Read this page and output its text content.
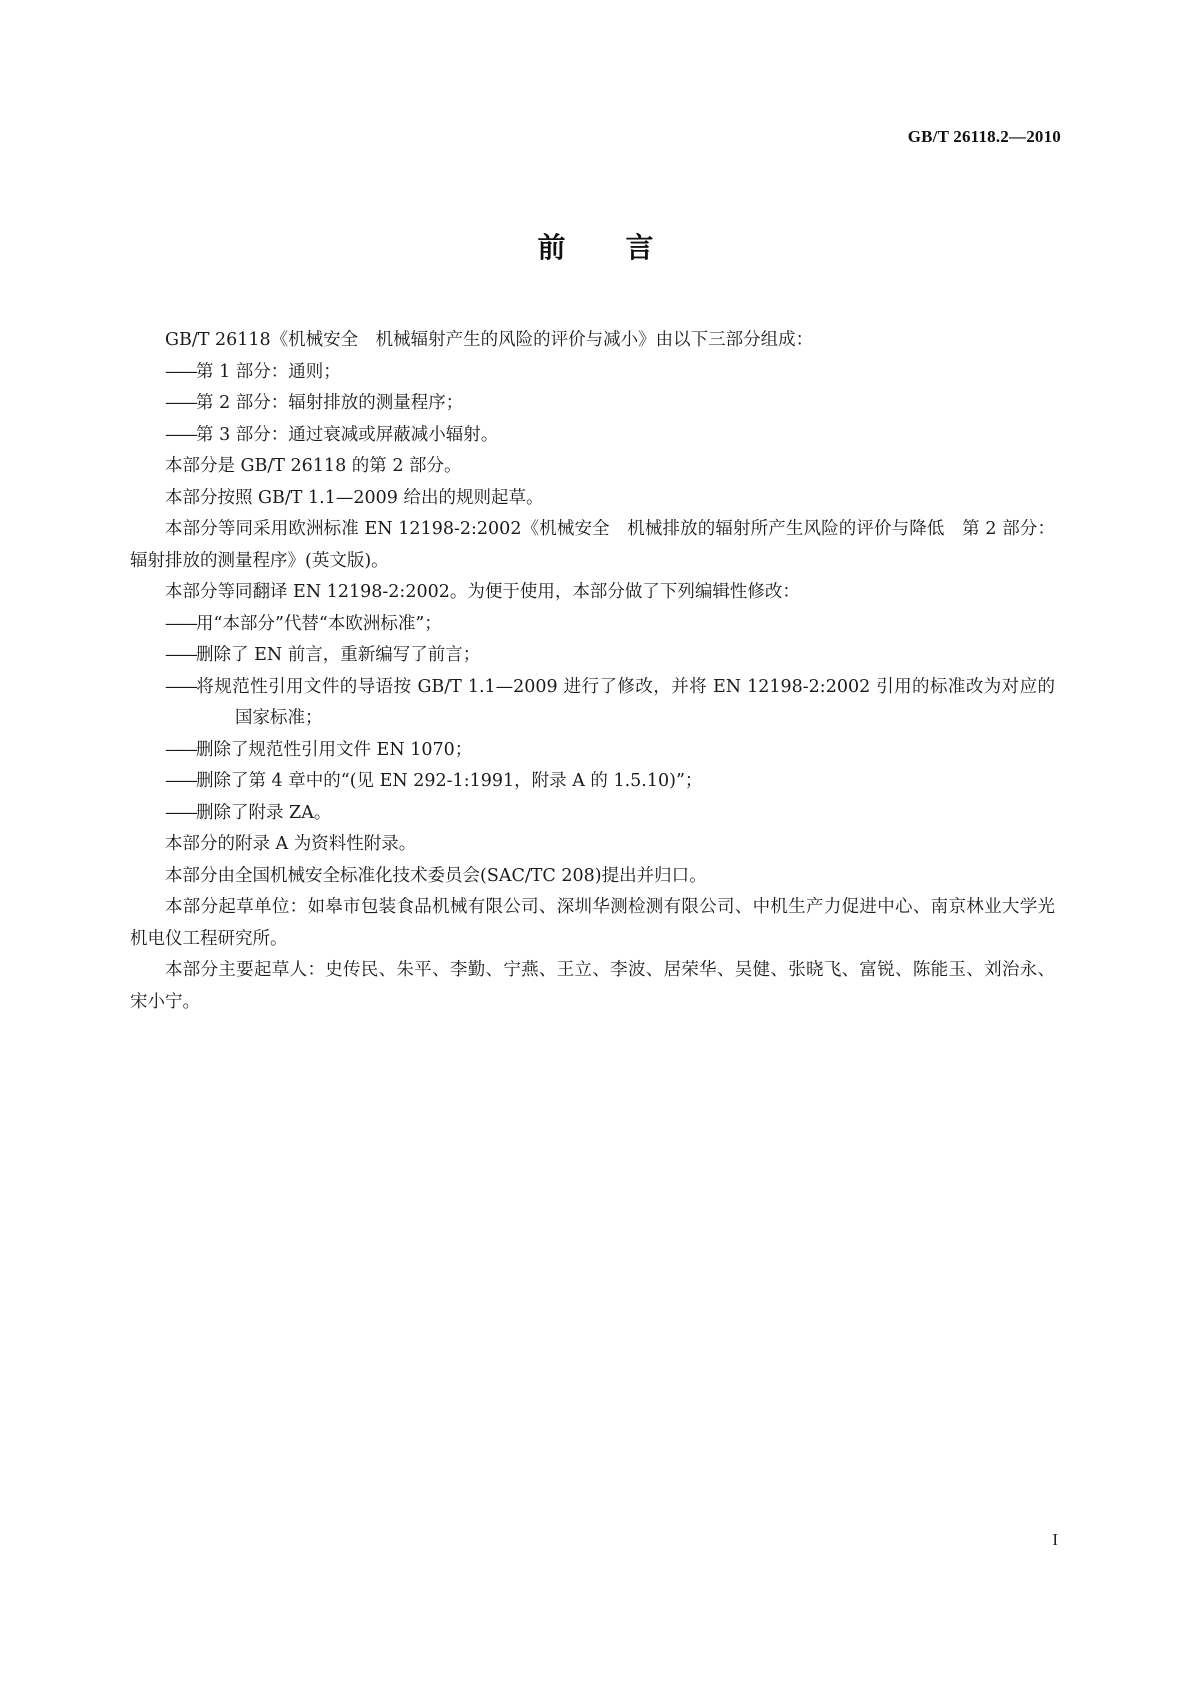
GB/T 26118.2—2010
前 言

GB/T 26118《机械安全　机械辐射产生的风险的评价与减小》由以下三部分组成：

——第 1 部分：通则；

——第 2 部分：辐射排放的测量程序；

——第 3 部分：通过衰减或屏蔽减小辐射。

本部分是 GB/T 26118 的第 2 部分。

本部分按照 GB/T 1.1—2009 给出的规则起草。

本部分等同采用欧洲标准 EN 12198-2:2002《机械安全　机械排放的辐射所产生风险的评价与降低　第 2 部分：辐射排放的测量程序》(英文版)。

本部分等同翻译 EN 12198-2:2002。为便于使用，本部分做了下列编辑性修改：

——用“本部分”代替“本欧洲标准”；

——删除了 EN 前言，重新编写了前言；

——将规范性引用文件的导语按 GB/T 1.1—2009 进行了修改，并将 EN 12198-2:2002 引用的标准改为对应的国家标准；

——删除了规范性引用文件 EN 1070；

——删除了第 4 章中的“(见 EN 292-1:1991，附录 A 的 1.5.10)”；

——删除了附录 ZA。

本部分的附录 A 为资料性附录。

本部分由全国机械安全标准化技术委员会(SAC/TC 208)提出并归口。

本部分起草单位：如皋市包装食品机械有限公司、深圳华测检测有限公司、中机生产力促进中心、南京林业大学光机电仪工程研究所。

本部分主要起草人：史传民、朱平、李勤、宁燕、王立、李波、居荣华、吴健、张晓飞、富锐、陈能玉、刘治永、宋小宁。

I
